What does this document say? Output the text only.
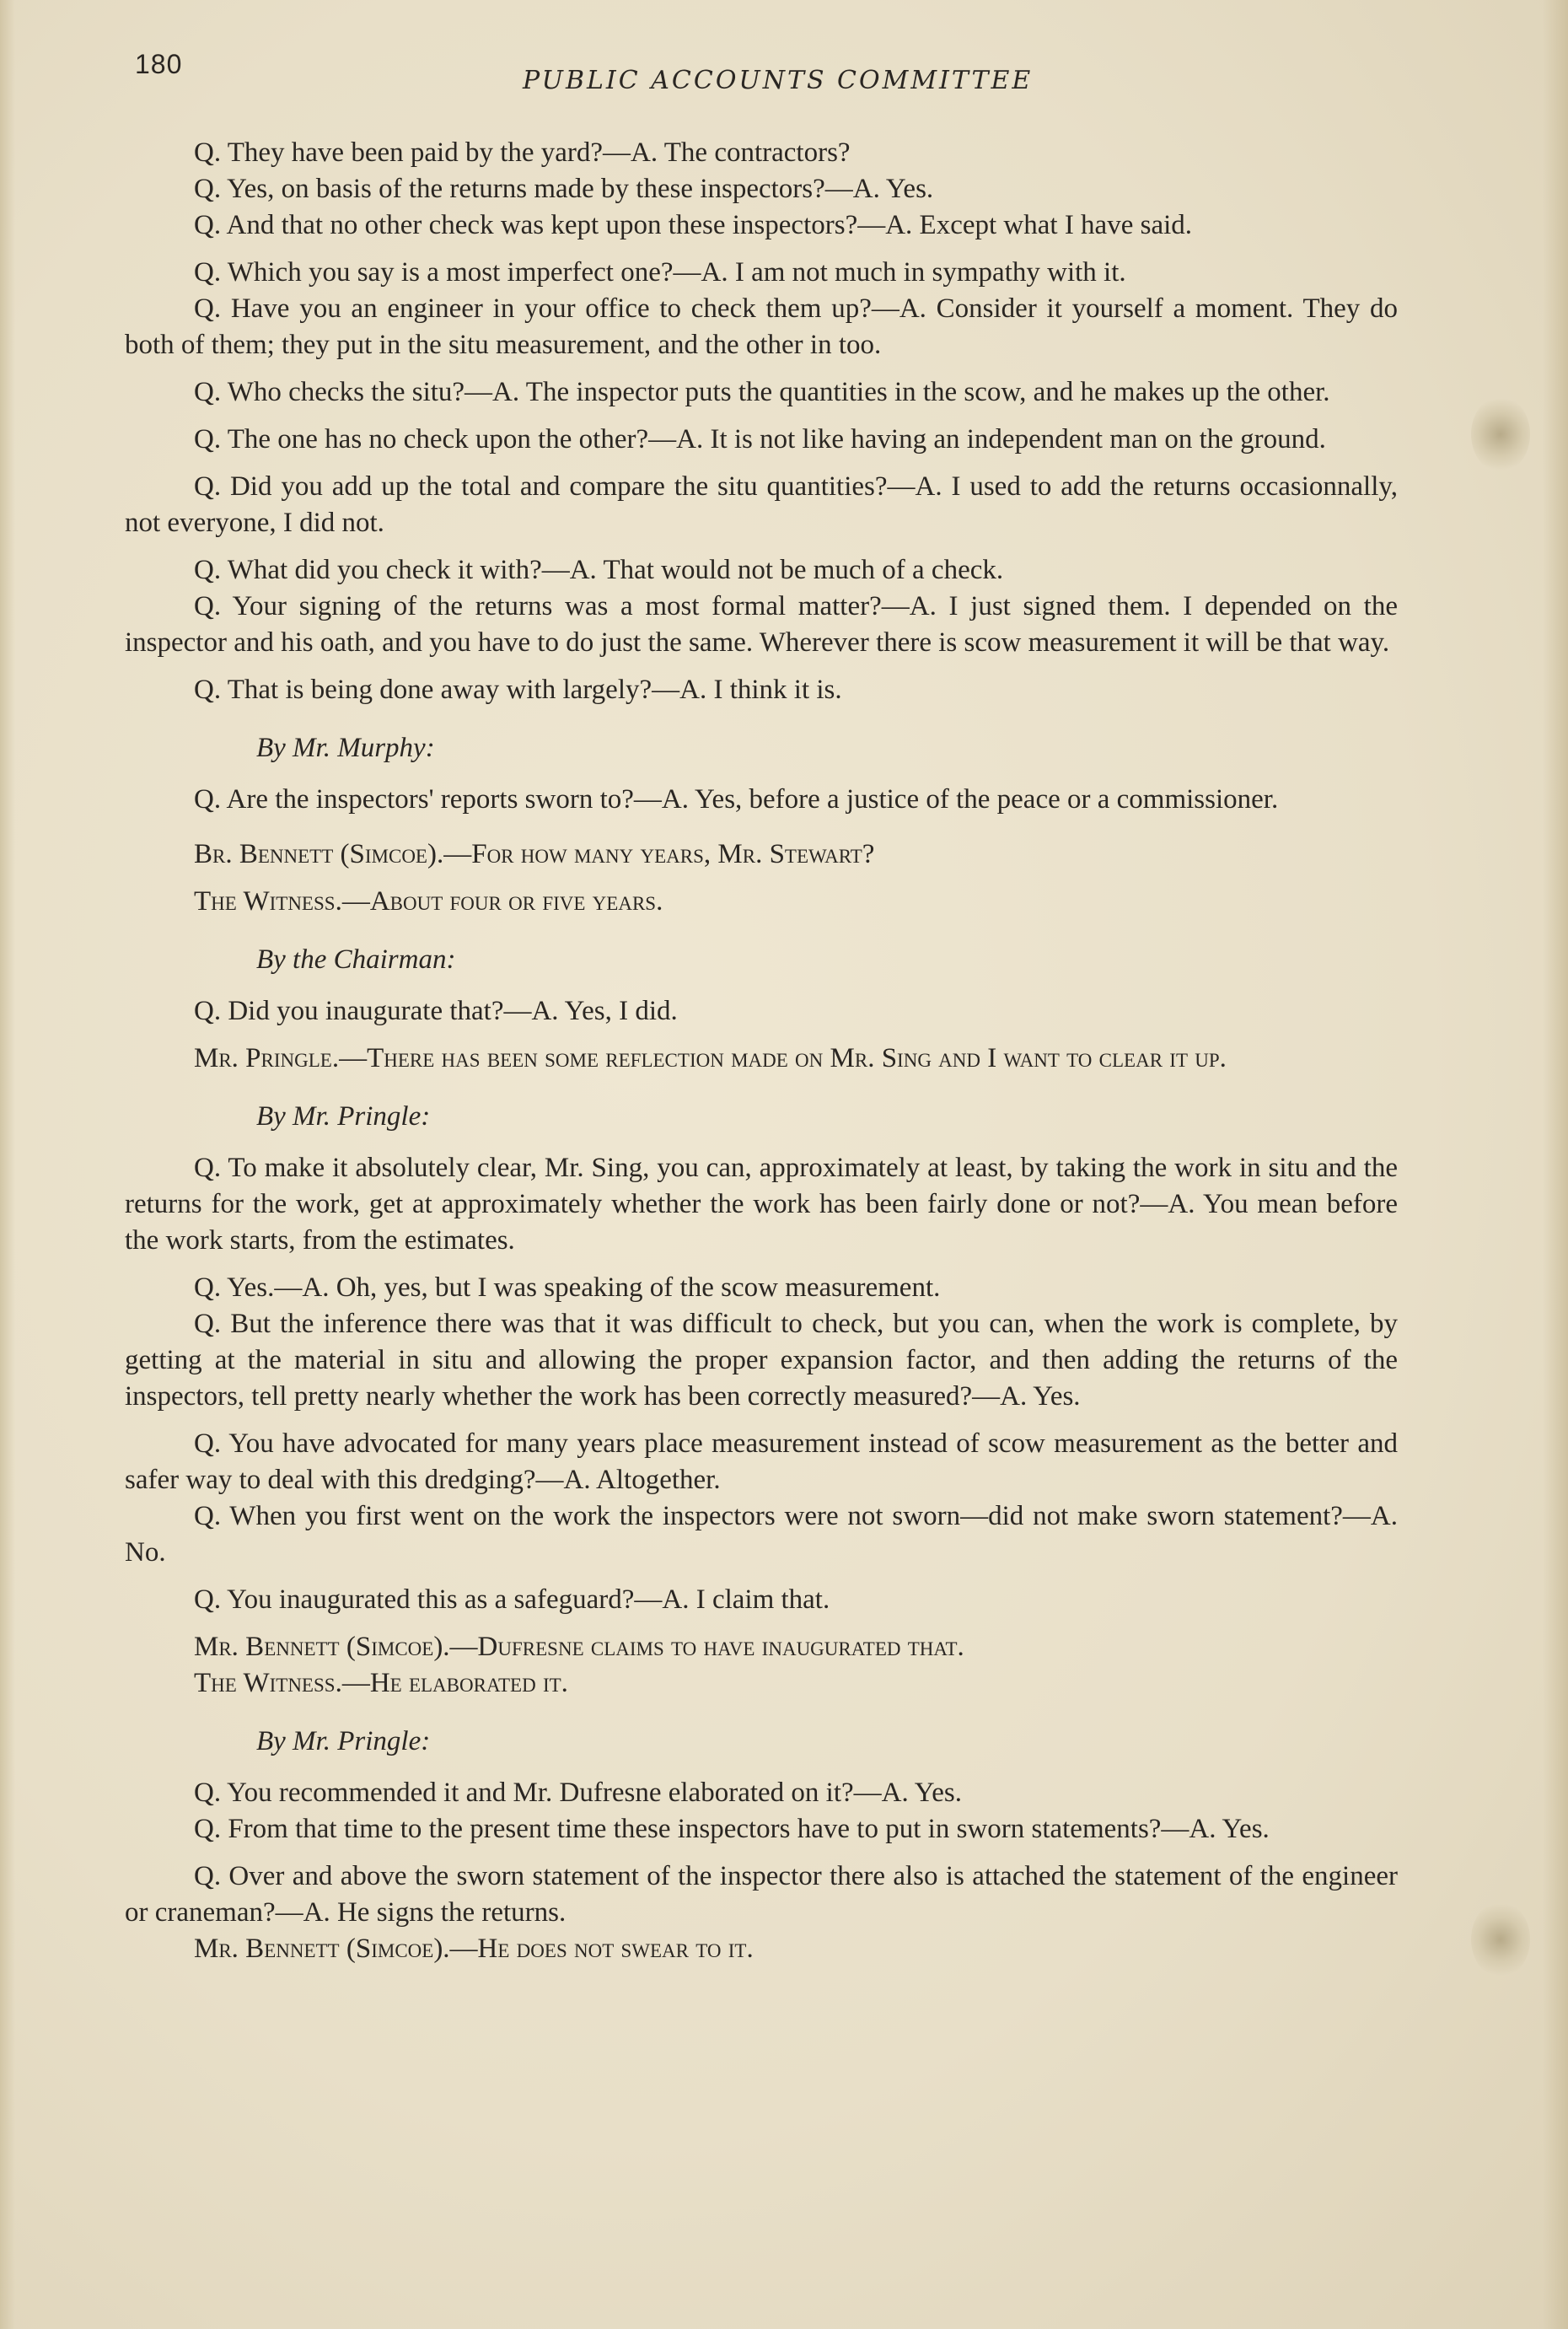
180
PUBLIC ACCOUNTS COMMITTEE

Q. They have been paid by the yard?—A. The contractors?

Q. Yes, on basis of the returns made by these inspectors?—A. Yes.

Q. And that no other check was kept upon these inspectors?—A. Except what I have said.

Q. Which you say is a most imperfect one?—A. I am not much in sympathy with it.

Q. Have you an engineer in your office to check them up?—A. Consider it yourself a moment. They do both of them; they put in the situ measurement, and the other in too.

Q. Who checks the situ?—A. The inspector puts the quantities in the scow, and he makes up the other.

Q. The one has no check upon the other?—A. It is not like having an independent man on the ground.

Q. Did you add up the total and compare the situ quantities?—A. I used to add the returns occasionnally, not everyone, I did not.

Q. What did you check it with?—A. That would not be much of a check.

Q. Your signing of the returns was a most formal matter?—A. I just signed them. I depended on the inspector and his oath, and you have to do just the same. Wherever there is scow measurement it will be that way.

Q. That is being done away with largely?—A. I think it is.

By Mr. Murphy:

Q. Are the inspectors' reports sworn to?—A. Yes, before a justice of the peace or a commissioner.

Br. Bennett (Simcoe).—For how many years, Mr. Stewart?

The Witness.—About four or five years.

By the Chairman:

Q. Did you inaugurate that?—A. Yes, I did.

Mr. Pringle.—There has been some reflection made on Mr. Sing and I want to clear it up.

By Mr. Pringle:

Q. To make it absolutely clear, Mr. Sing, you can, approximately at least, by taking the work in situ and the returns for the work, get at approximately whether the work has been fairly done or not?—A. You mean before the work starts, from the estimates.

Q. Yes.—A. Oh, yes, but I was speaking of the scow measurement.

Q. But the inference there was that it was difficult to check, but you can, when the work is complete, by getting at the material in situ and allowing the proper expansion factor, and then adding the returns of the inspectors, tell pretty nearly whether the work has been correctly measured?—A. Yes.

Q. You have advocated for many years place measurement instead of scow measurement as the better and safer way to deal with this dredging?—A. Altogether.

Q. When you first went on the work the inspectors were not sworn—did not make sworn statement?—A. No.

Q. You inaugurated this as a safeguard?—A. I claim that.

Mr. Bennett (Simcoe).—Dufresne claims to have inaugurated that.

The Witness.—He elaborated it.

By Mr. Pringle:

Q. You recommended it and Mr. Dufresne elaborated on it?—A. Yes.

Q. From that time to the present time these inspectors have to put in sworn statements?—A. Yes.

Q. Over and above the sworn statement of the inspector there also is attached the statement of the engineer or craneman?—A. He signs the returns.

Mr. Bennett (Simcoe).—He does not swear to it.
